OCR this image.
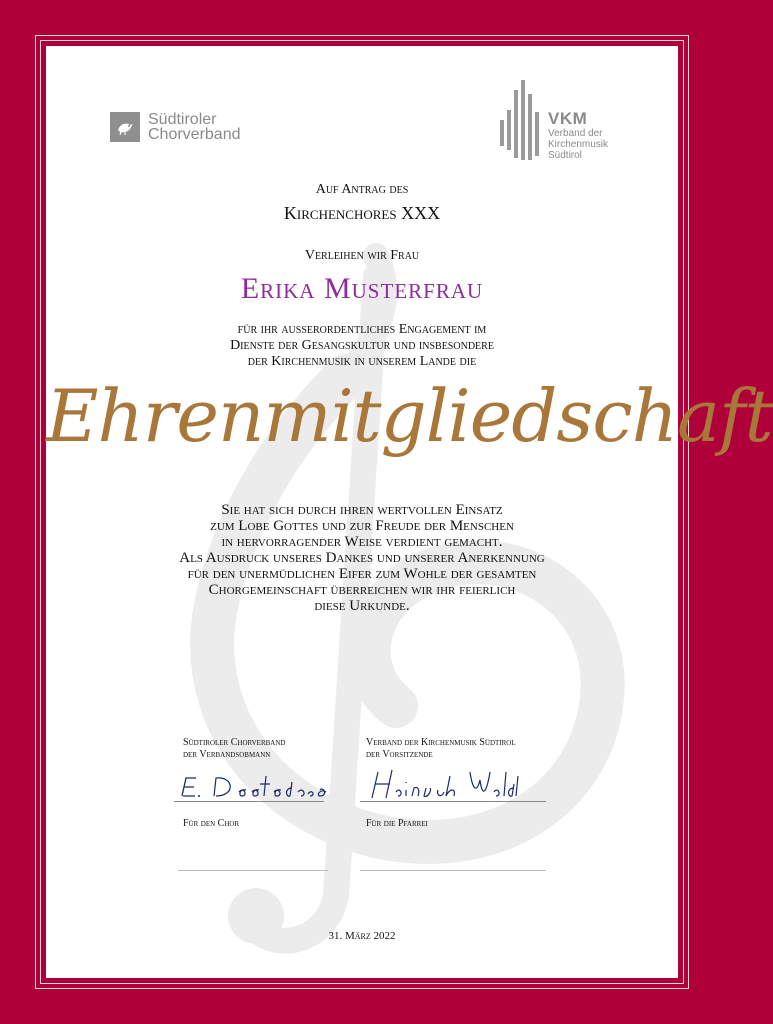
Südtiroler
Chorverband
VKM
Verband der
Kirchenmusik
Südtirol
Auf Antrag des
Kirchenchores XXX
Verleihen wir Frau
Erika Musterfrau
für ihr außerordentliches Engagement im
Dienste der Gesangskultur und insbesondere
der Kirchenmusik in unserem Lande die
Ehrenmitgliedschaft
Sie hat sich durch ihren wertvollen Einsatz
zum Lobe Gottes und zur Freude der Menschen
in hervorragender Weise verdient gemacht.
Als Ausdruck unseres Dankes und unserer Anerkennung
für den unermüdlichen Eifer zum Wohle der gesamten
Chorgemeinschaft überreichen wir ihr feierlich
diese Urkunde.
Südtiroler Chorverband
der Verbandsobmann
Verband der Kirchenmusik Südtirol
der Vorsitzende
Für den Chor	Für die Pfarrei
31. März 2022
